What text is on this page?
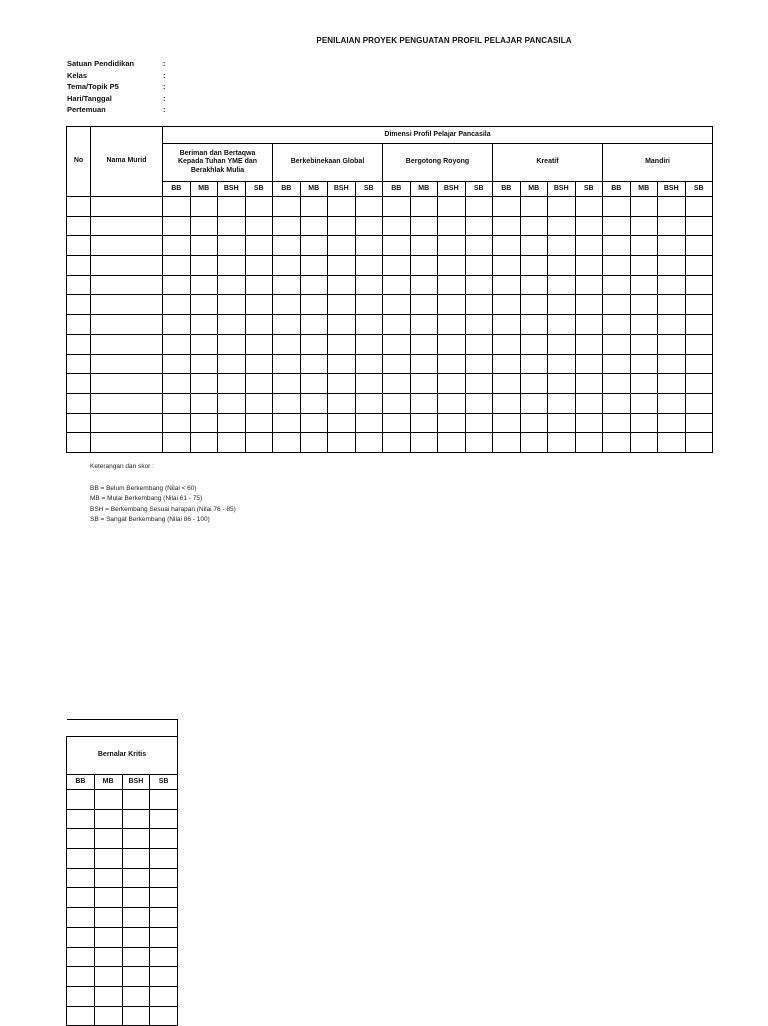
PENILAIAN PROYEK PENGUATAN PROFIL PELAJAR PANCASILA
Satuan Pendidikan	:
Kelas	:
Tema/Topik P5	:
Hari/Tanggal	:
Pertemuan	:
No	Nama Murid	Dimensi Profil Pelajar Pancasila																			
		Beriman dan Bertaqwa Kepada Tuhan YME dan Berakhlak Mulia				Berkebinekaan Global				Bergotong Royong				Kreatif				Mandiri			
		BB	MB	BSH	SB	BB	MB	BSH	SB	BB	MB	BSH	SB	BB	MB	BSH	SB	BB	MB	BSH	SB

Keterangan dan skor :
BB = Belum Berkembang (Nilai < 60)
MB = Mulai Berkembang (Nilai 61 - 75)
BSH = Berkembang Sesuai harapan (Nilai 76 - 85)
SB = Sangat Berkembang (Nilai 86 - 100)

Bernalar Kritis			
BB	MB	BSH	SB
